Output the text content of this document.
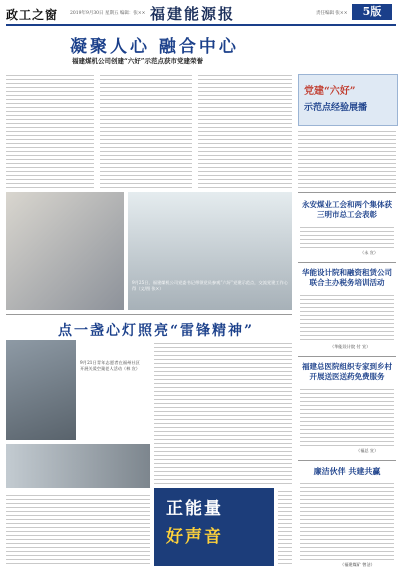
政工之窗	2019年9月30日 星期五 编辑：张×× 福建能源报	责任编辑 张××	5版
凝聚人心 融合中心
福建煤机公司创建“六好”示范点获市党建荣誉
党建“六好”
示范点经验展播
9月25日，福建煤机公司党委书记带领党员参观“六好”党建示范点，交流党建工作心得（文/图 张×）
永安煤业工会和两个集体获三明市总工会表彰
（永 宣）
华能设计院和融资租赁公司联合主办税务培训活动
（华能设计院 付 宣）
福建总医院组织专家到乡村开展送医送药免费服务
（福总 宣）
廉洁伙伴 共建共赢
（福建煤矿 曾洁）
点一盏心灯照亮“雷锋精神”
9月21日青年志愿者在福州社区开展关爱空巢老人活动（林 宣）
正能量
好声音
